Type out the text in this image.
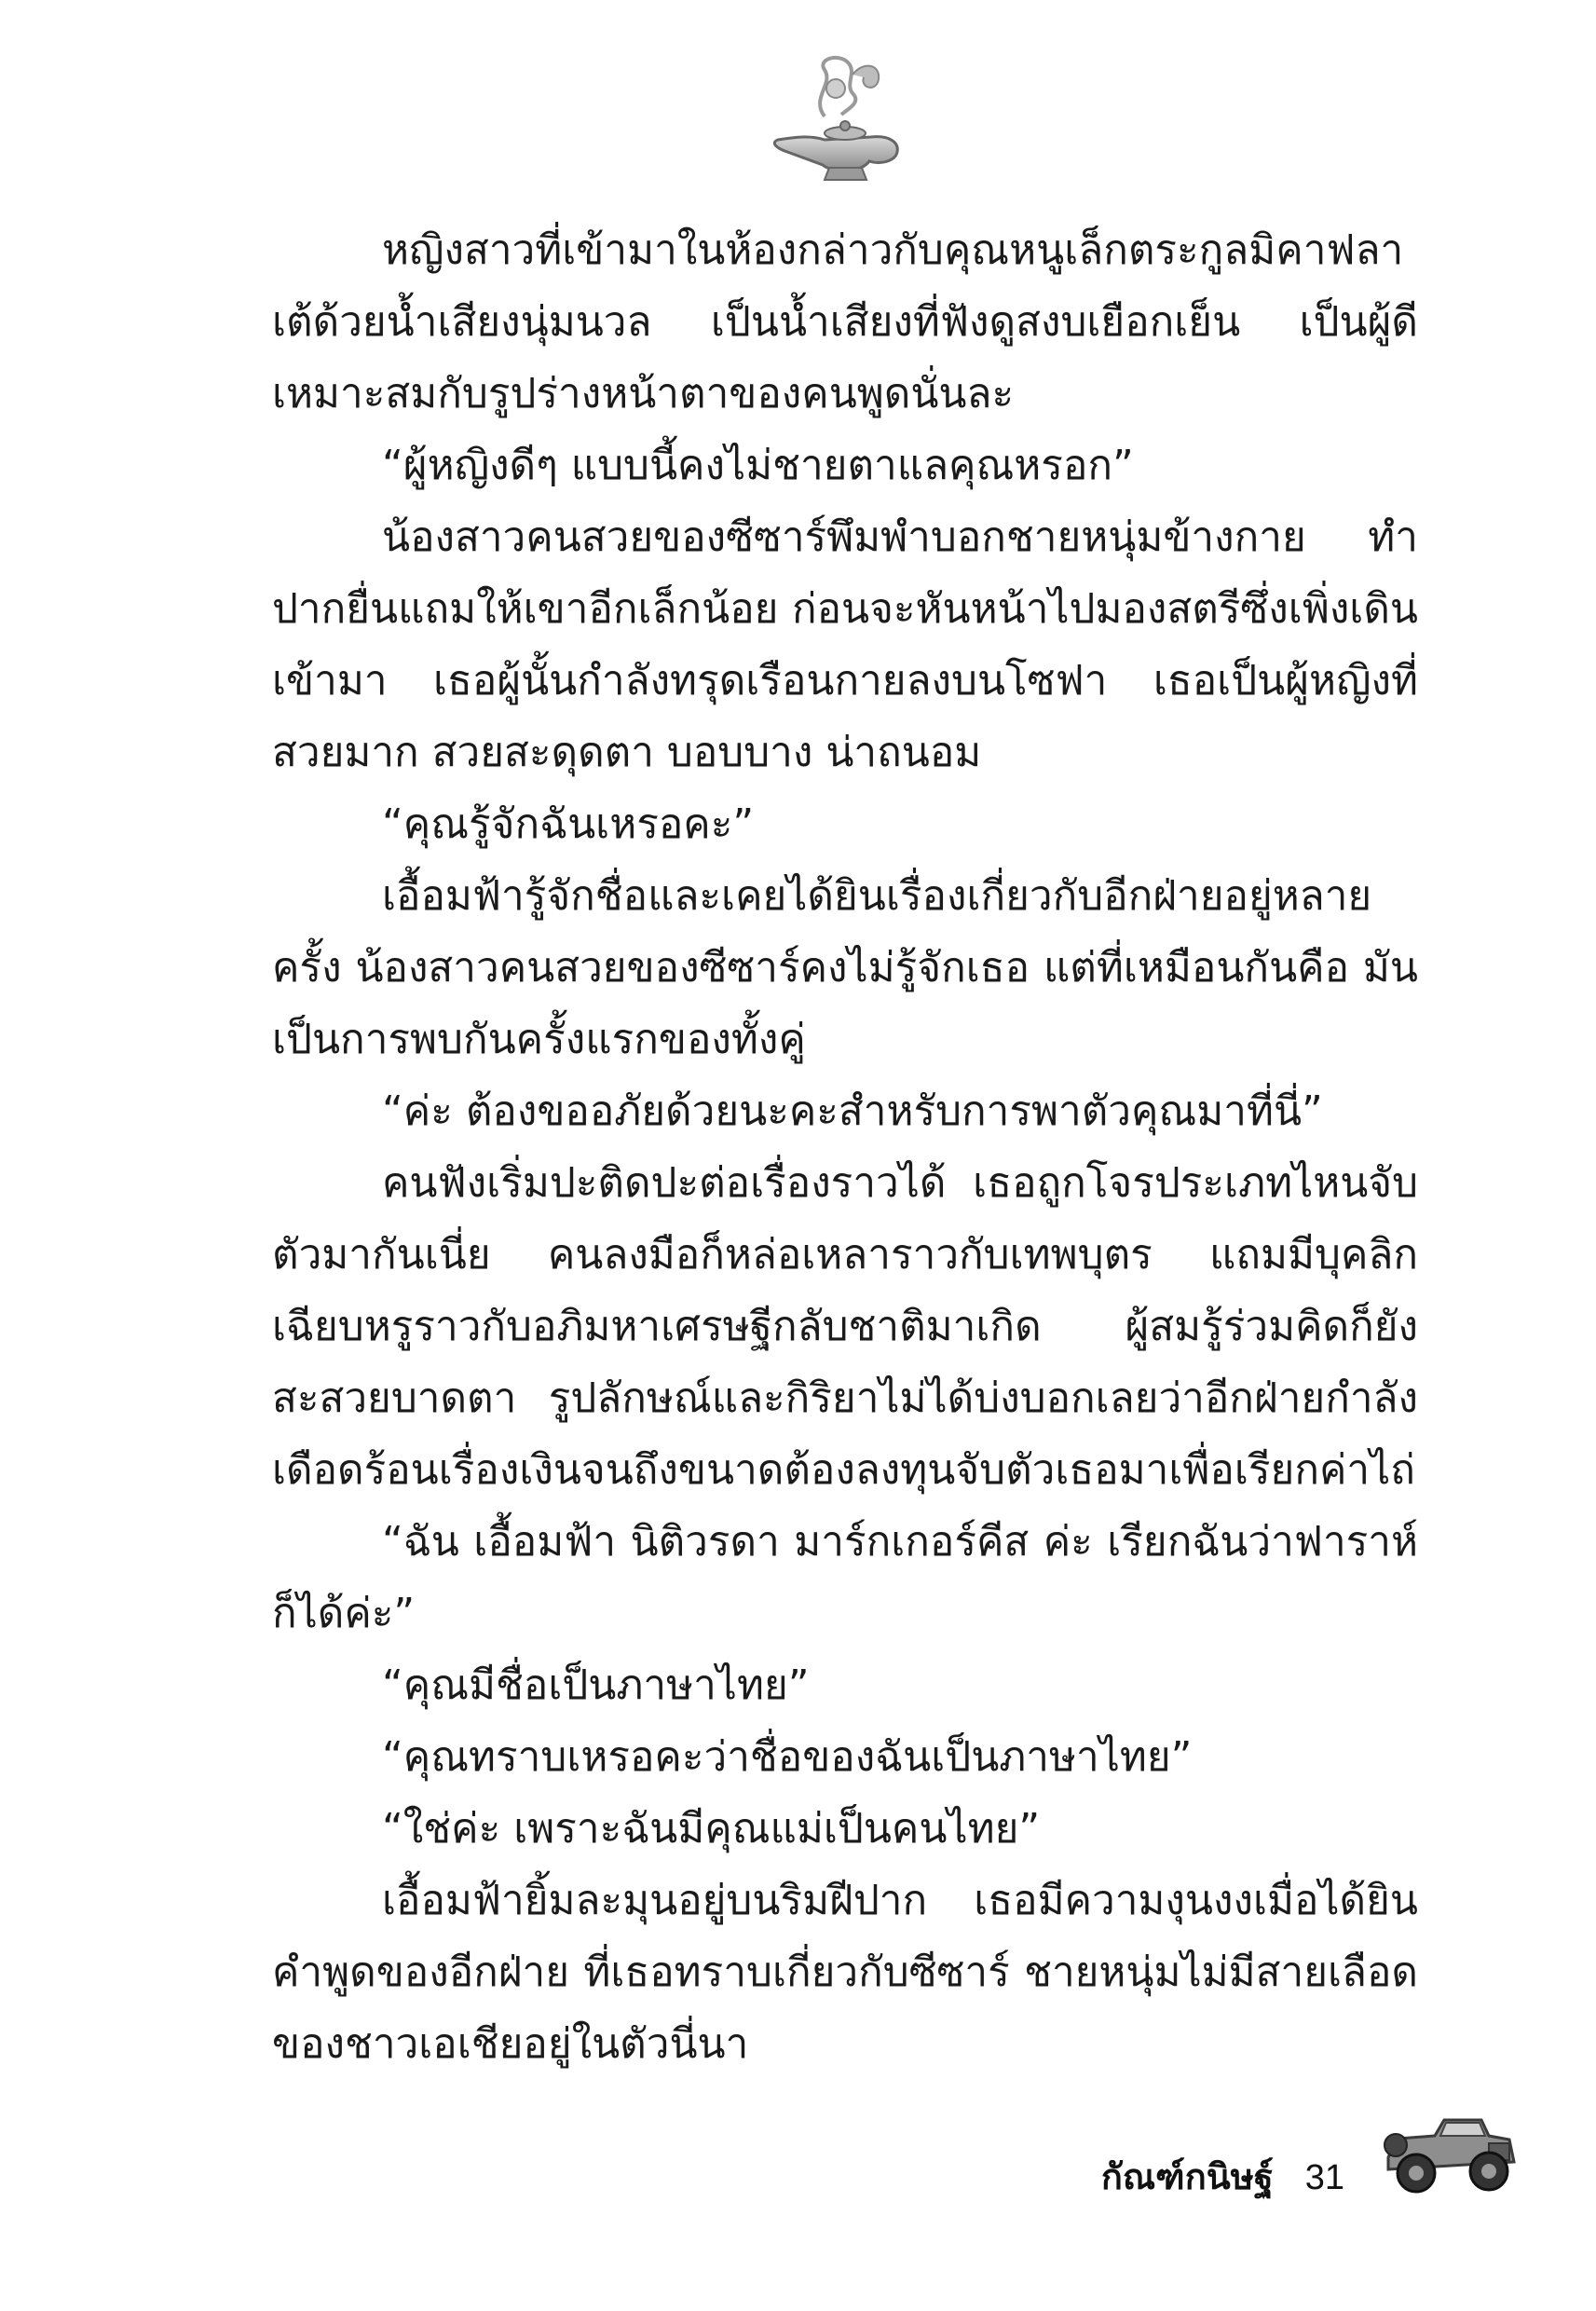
หญิงสาวที่เข้ามาในห้องกล่าวกับคุณหนูเล็กตระกูลมิคาฟลาเต้ด้วยน้ำเสียงนุ่มนวล เป็นน้ำเสียงที่ฟังดูสงบเยือกเย็น เป็นผู้ดีเหมาะสมกับรูปร่างหน้าตาของคนพูดนั่นละ

“ผู้หญิงดีๆ แบบนี้คงไม่ชายตาแลคุณหรอก”

น้องสาวคนสวยของซีซาร์พึมพำบอกชายหนุ่มข้างกาย ทำปากยื่นแถมให้เขาอีกเล็กน้อย ก่อนจะหันหน้าไปมองสตรีซึ่งเพิ่งเดินเข้ามา เธอผู้นั้นกำลังทรุดเรือนกายลงบนโซฟา เธอเป็นผู้หญิงที่สวยมาก สวยสะดุดตา บอบบาง น่าถนอม

“คุณรู้จักฉันเหรอคะ”

เอื้อมฟ้ารู้จักชื่อและเคยได้ยินเรื่องเกี่ยวกับอีกฝ่ายอยู่หลายครั้ง น้องสาวคนสวยของซีซาร์คงไม่รู้จักเธอ แต่ที่เหมือนกันคือ มันเป็นการพบกันครั้งแรกของทั้งคู่

“ค่ะ ต้องขออภัยด้วยนะคะสำหรับการพาตัวคุณมาที่นี่”

คนฟังเริ่มปะติดปะต่อเรื่องราวได้ เธอถูกโจรประเภทไหนจับตัวมากันเนี่ย คนลงมือก็หล่อเหลาราวกับเทพบุตร แถมมีบุคลิกเฉียบหรูราวกับอภิมหาเศรษฐีกลับชาติมาเกิด ผู้สมรู้ร่วมคิดก็ยังสะสวยบาดตา รูปลักษณ์และกิริยาไม่ได้บ่งบอกเลยว่าอีกฝ่ายกำลังเดือดร้อนเรื่องเงินจนถึงขนาดต้องลงทุนจับตัวเธอมาเพื่อเรียกค่าไถ่

“ฉัน เอื้อมฟ้า นิติวรดา มาร์กเกอร์คีส ค่ะ เรียกฉันว่าฟาราห์ก็ได้ค่ะ”

“คุณมีชื่อเป็นภาษาไทย”

“คุณทราบเหรอคะว่าชื่อของฉันเป็นภาษาไทย”

“ใช่ค่ะ เพราะฉันมีคุณแม่เป็นคนไทย”

เอื้อมฟ้ายิ้มละมุนอยู่บนริมฝีปาก เธอมีความงุนงงเมื่อได้ยินคำพูดของอีกฝ่าย ที่เธอทราบเกี่ยวกับซีซาร์ ชายหนุ่มไม่มีสายเลือดของชาวเอเชียอยู่ในตัวนี่นา

กัณฑ์กนิษฐ์ 31
